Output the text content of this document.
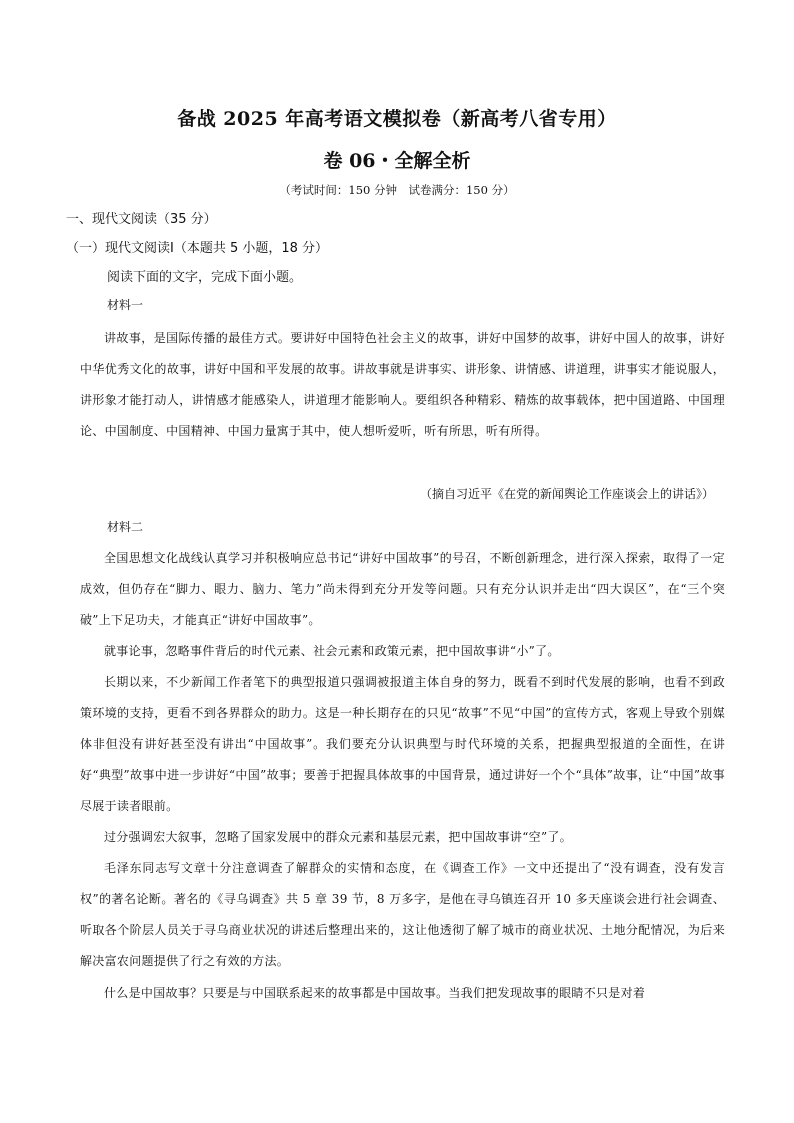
备战 2025 年高考语文模拟卷（新高考八省专用）
卷 06・全解全析
（考试时间：150 分钟　试卷满分：150 分）
一、现代文阅读（35 分）
（一）现代文阅读Ⅰ（本题共 5 小题，18 分）
阅读下面的文字，完成下面小题。
材料一
讲故事，是国际传播的最佳方式。要讲好中国特色社会主义的故事，讲好中国梦的故事，讲好中国人的故事，讲好中华优秀文化的故事，讲好中国和平发展的故事。讲故事就是讲事实、讲形象、讲情感、讲道理，讲事实才能说服人，讲形象才能打动人，讲情感才能感染人，讲道理才能影响人。要组织各种精彩、精炼的故事载体，把中国道路、中国理论、中国制度、中国精神、中国力量寓于其中，使人想听爱听，听有所思，听有所得。
（摘自习近平《在党的新闻舆论工作座谈会上的讲话》）
材料二
全国思想文化战线认真学习并积极响应总书记“讲好中国故事”的号召，不断创新理念，进行深入探索，取得了一定成效，但仍存在“脚力、眼力、脑力、笔力”尚未得到充分开发等问题。只有充分认识并走出“四大误区”，在“三个突破”上下足功夫，才能真正“讲好中国故事”。
就事论事，忽略事件背后的时代元素、社会元素和政策元素，把中国故事讲“小”了。
长期以来，不少新闻工作者笔下的典型报道只强调被报道主体自身的努力，既看不到时代发展的影响，也看不到政策环境的支持，更看不到各界群众的助力。这是一种长期存在的只见“故事”不见“中国”的宣传方式，客观上导致个别媒体非但没有讲好甚至没有讲出“中国故事”。我们要充分认识典型与时代环境的关系，把握典型报道的全面性，在讲好“典型”故事中进一步讲好“中国”故事；要善于把握具体故事的中国背景，通过讲好一个个“具体”故事，让“中国”故事尽展于读者眼前。
过分强调宏大叙事，忽略了国家发展中的群众元素和基层元素，把中国故事讲“空”了。
毛泽东同志写文章十分注意调查了解群众的实情和态度，在《调查工作》一文中还提出了“没有调查，没有发言权”的著名论断。著名的《寻乌调查》共 5 章 39 节，8 万多字，是他在寻乌镇连召开 10 多天座谈会进行社会调查、听取各个阶层人员关于寻乌商业状况的讲述后整理出来的，这让他透彻了解了城市的商业状况、土地分配情况，为后来解决富农问题提供了行之有效的方法。
什么是中国故事？只要是与中国联系起来的故事都是中国故事。当我们把发现故事的眼睛不只是对着
